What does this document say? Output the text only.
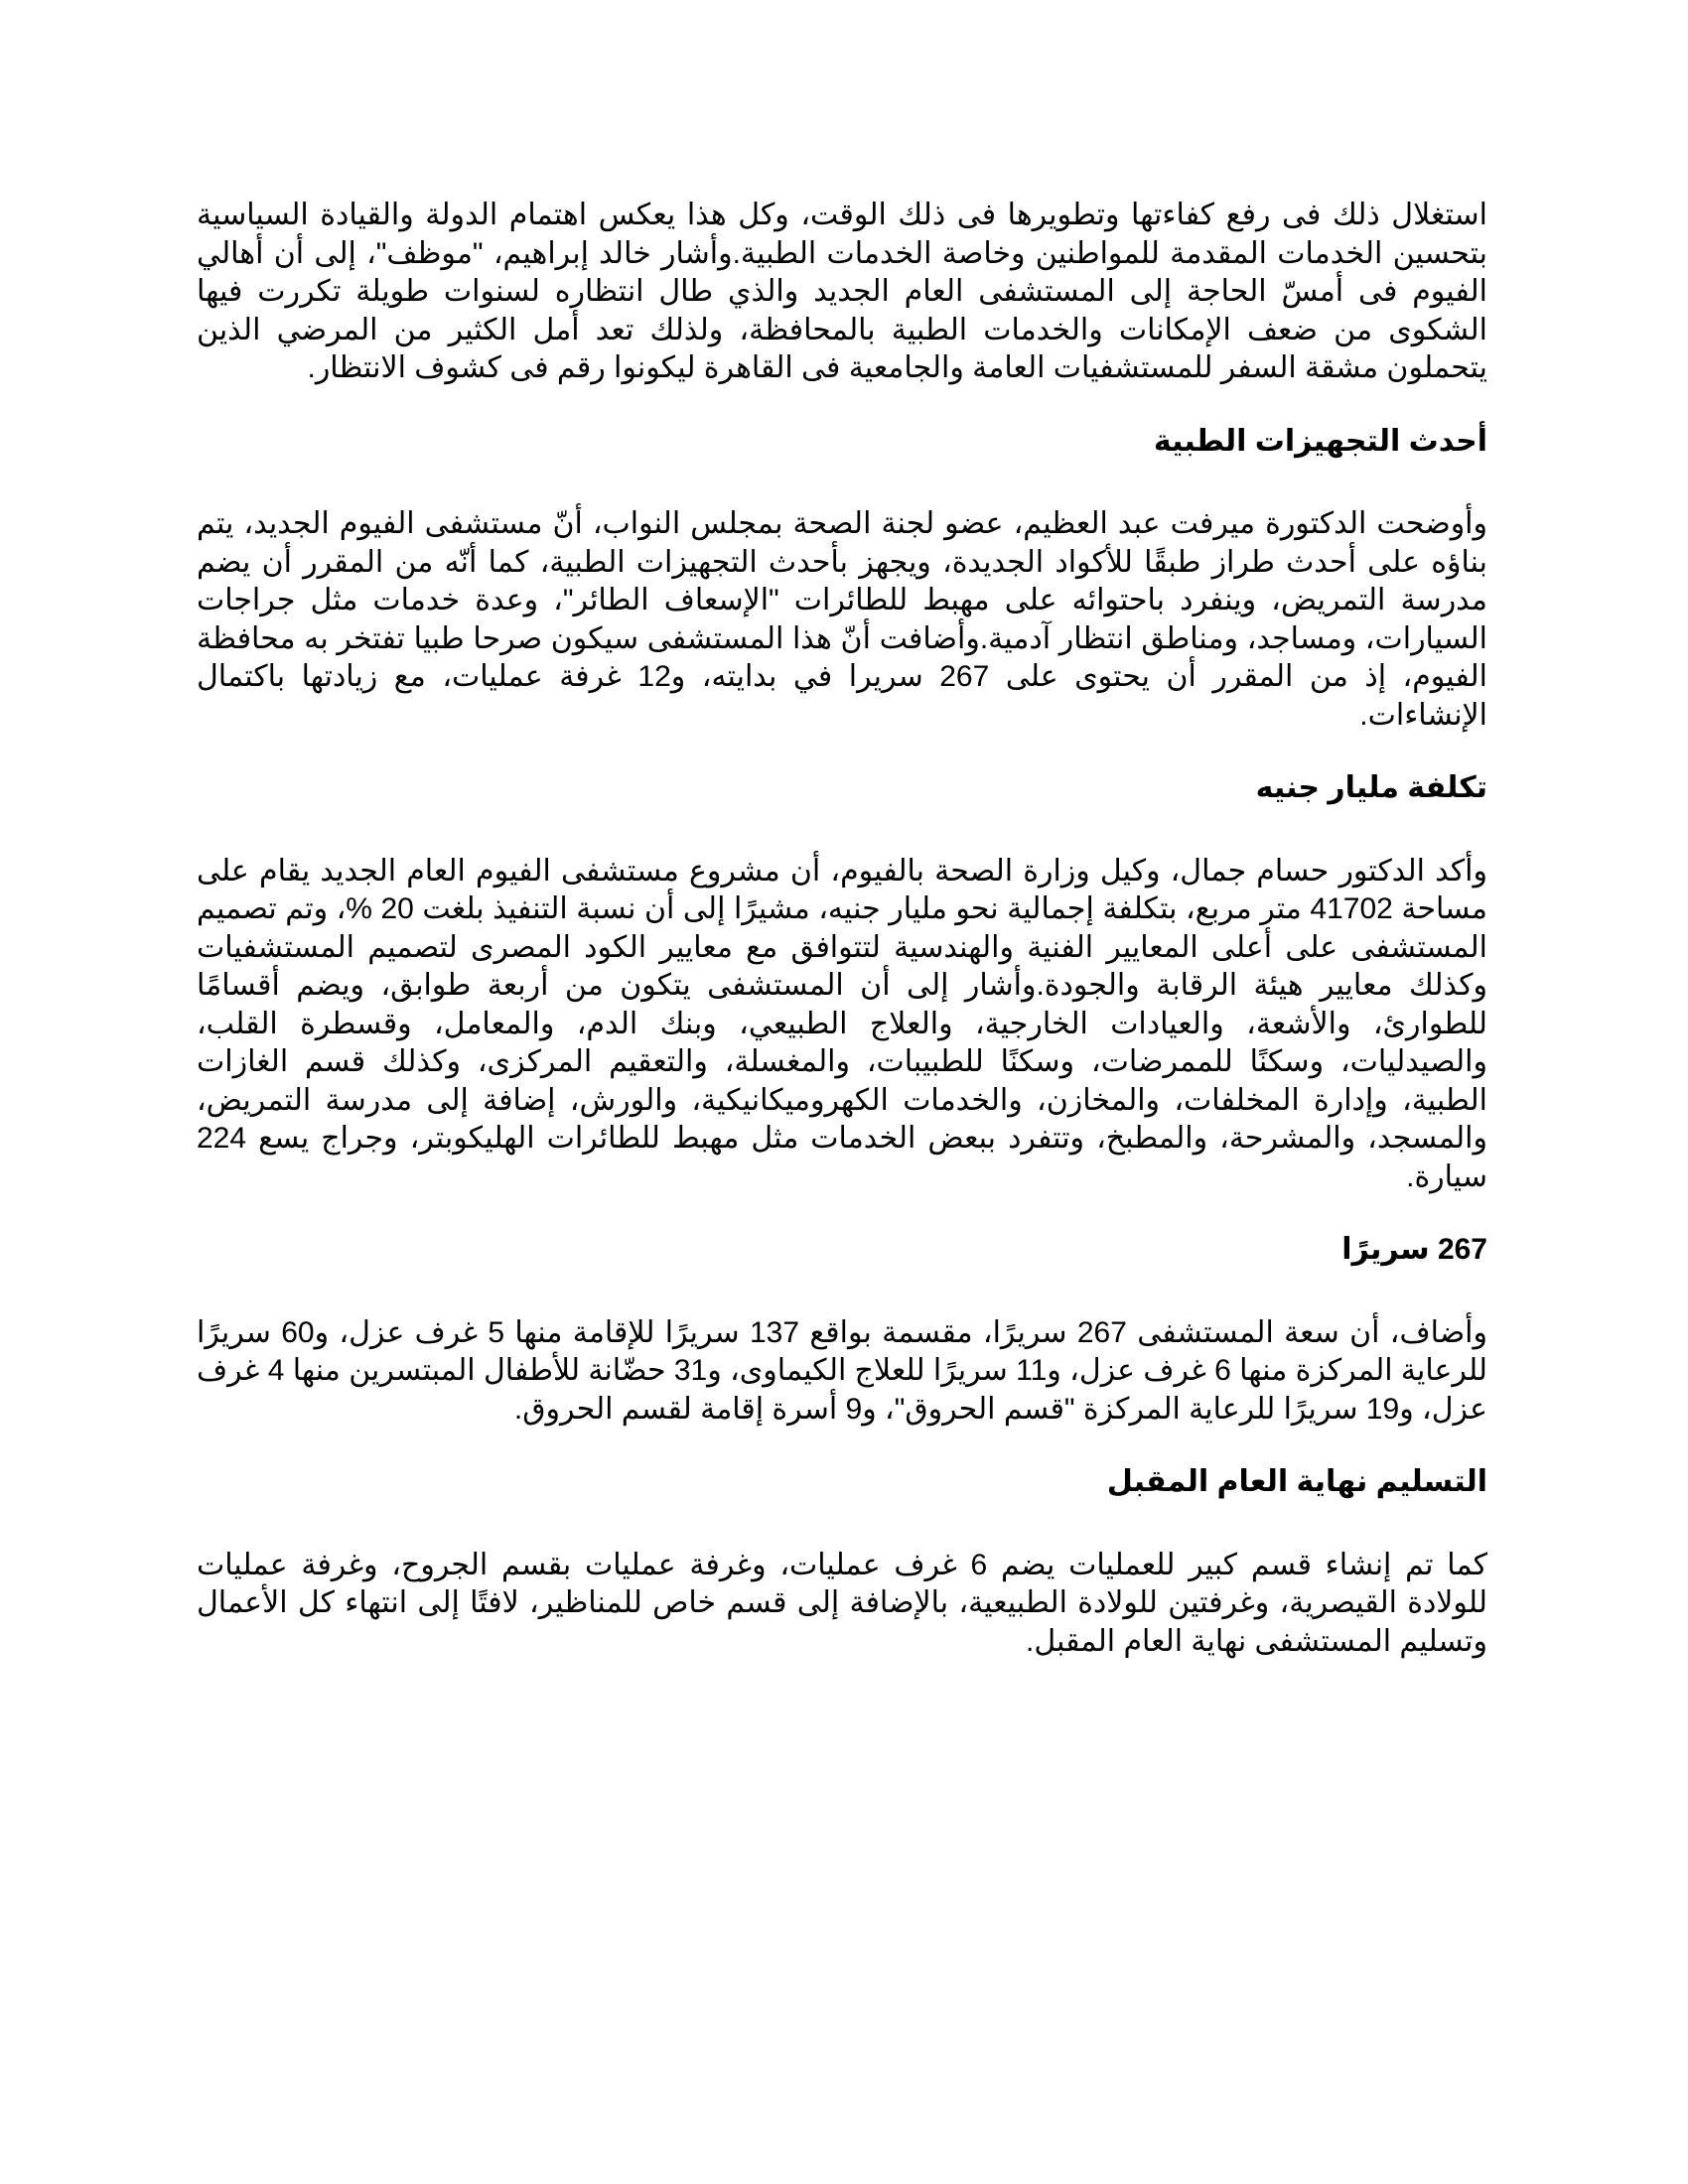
استغلال ذلك فى رفع كفاءتها وتطويرها فى ذلك الوقت، وكل هذا يعكس اهتمام الدولة والقيادة السياسية بتحسين الخدمات المقدمة للمواطنين وخاصة الخدمات الطبية.وأشار خالد إبراهيم، "موظف"، إلى أن أهالي الفيوم فى أمسّ الحاجة إلى المستشفى العام الجديد والذي طال انتظاره لسنوات طويلة تكررت فيها الشكوى من ضعف الإمكانات والخدمات الطبية بالمحافظة، ولذلك تعد أمل الكثير من المرضي الذين يتحملون مشقة السفر للمستشفيات العامة والجامعية فى القاهرة ليكونوا رقم فى كشوف الانتظار.

أحدث التجهيزات الطبية

وأوضحت الدكتورة ميرفت عبد العظيم، عضو لجنة الصحة بمجلس النواب، أنّ مستشفى الفيوم الجديد، يتم بناؤه على أحدث طراز طبقًا للأكواد الجديدة، ويجهز بأحدث التجهيزات الطبية، كما أنّه من المقرر أن يضم مدرسة التمريض، وينفرد باحتوائه على مهبط للطائرات "الإسعاف الطائر"، وعدة خدمات مثل جراجات السيارات، ومساجد، ومناطق انتظار آدمية.وأضافت أنّ هذا المستشفى سيكون صرحا طبيا تفتخر به محافظة الفيوم، إذ من المقرر أن يحتوى على 267 سريرا في بدايته، و12 غرفة عمليات، مع زيادتها باكتمال الإنشاءات.

تكلفة مليار جنيه

وأكد الدكتور حسام جمال، وكيل وزارة الصحة بالفيوم، أن مشروع مستشفى الفيوم العام الجديد يقام على مساحة 41702 متر مربع، بتكلفة إجمالية نحو مليار جنيه، مشيرًا إلى أن نسبة التنفيذ بلغت 20 %، وتم تصميم المستشفى على أعلى المعايير الفنية والهندسية لتتوافق مع معايير الكود المصرى لتصميم المستشفيات وكذلك معايير هيئة الرقابة والجودة.وأشار إلى أن المستشفى يتكون من أربعة طوابق، ويضم أقسامًا للطوارئ، والأشعة، والعيادات الخارجية، والعلاج الطبيعي، وبنك الدم، والمعامل، وقسطرة القلب، والصيدليات، وسكنًا للممرضات، وسكنًا للطبيبات، والمغسلة، والتعقيم المركزى، وكذلك قسم الغازات الطبية، وإدارة المخلفات، والمخازن، والخدمات الكهروميكانيكية، والورش، إضافة إلى مدرسة التمريض، والمسجد، والمشرحة، والمطبخ، وتتفرد ببعض الخدمات مثل مهبط للطائرات الهليكوبتر، وجراج يسع 224 سيارة.

267 سريرًا

وأضاف، أن سعة المستشفى 267 سريرًا، مقسمة بواقع 137 سريرًا للإقامة منها 5 غرف عزل، و60 سريرًا للرعاية المركزة منها 6 غرف عزل، و11 سريرًا للعلاج الكيماوى، و31 حضّانة للأطفال المبتسرين منها 4 غرف عزل، و19 سريرًا للرعاية المركزة "قسم الحروق"، و9 أسرة إقامة لقسم الحروق.

التسليم نهاية العام المقبل

كما تم إنشاء قسم كبير للعمليات يضم 6 غرف عمليات، وغرفة عمليات بقسم الجروح، وغرفة عمليات للولادة القيصرية، وغرفتين للولادة الطبيعية، بالإضافة إلى قسم خاص للمناظير، لافتًا إلى انتهاء كل الأعمال وتسليم المستشفى نهاية العام المقبل.
